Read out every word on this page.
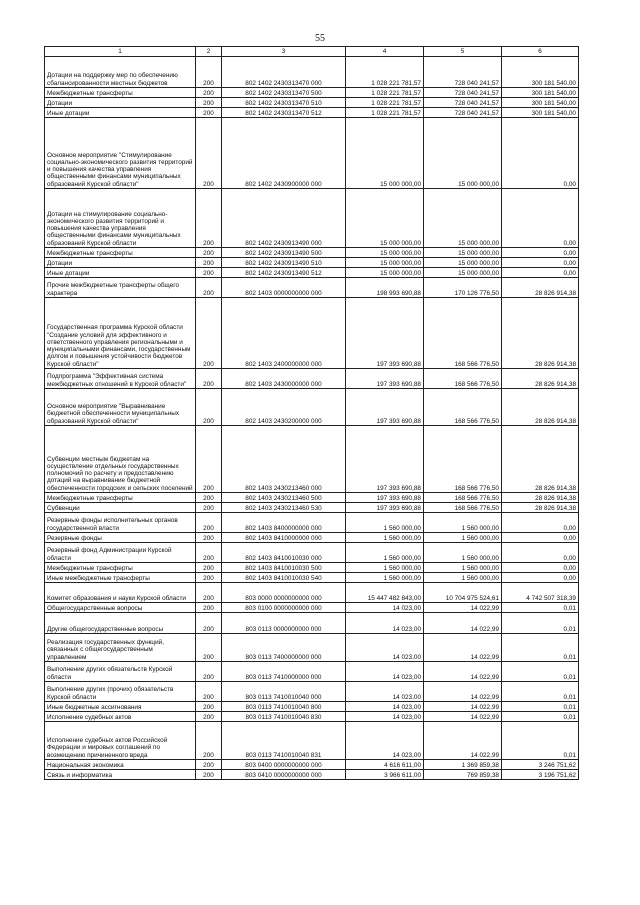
55
1	2	3	4	5	6
Дотации на поддержку мер по обеспечению сбалансированности местных бюджетов	200	802 1402 2430313470 000	1 028 221 781,57	728 040 241,57	300 181 540,00
Межбюджетные трансферты	200	802 1402 2430313470 500	1 028 221 781,57	728 040 241,57	300 181 540,00
Дотации	200	802 1402 2430313470 510	1 028 221 781,57	728 040 241,57	300 181 540,00
Иные дотации	200	802 1402 2430313470 512	1 028 221 781,57	728 040 241,57	300 181 540,00
Основное мероприятие "Стимулирование социально-экономического развития территорий и повышения качества управления общественными финансами муниципальных образований Курской области"	200	802 1402 2430900000 000	15 000 000,00	15 000 000,00	0,00
Дотации на стимулирование социально-экономического развития территорий и повышения качества управления общественными финансами муниципальных образований Курской области	200	802 1402 2430913490 000	15 000 000,00	15 000 000,00	0,00
Межбюджетные трансферты	200	802 1402 2430913490 500	15 000 000,00	15 000 000,00	0,00
Дотации	200	802 1402 2430913490 510	15 000 000,00	15 000 000,00	0,00
Иные дотации	200	802 1402 2430913490 512	15 000 000,00	15 000 000,00	0,00
Прочие межбюджетные трансферты общего характера	200	802 1403 0000000000 000	198 993 690,88	170 126 776,50	28 826 914,38
Государственная программа Курской области "Создание условий для эффективного и ответственного управления региональными и муниципальными финансами, государственным долгом и повышения устойчивости бюджетов Курской области"	200	802 1403 2400000000 000	197 393 690,88	168 566 776,50	28 826 914,38
Подпрограмма "Эффективная система межбюджетных отношений в Курской области"	200	802 1403 2430000000 000	197 393 690,88	168 566 776,50	28 826 914,38
Основное мероприятие "Выравнивание бюджетной обеспеченности муниципальных образований Курской области"	200	802 1403 2430200000 000	197 393 690,88	168 566 776,50	28 826 914,38
Субвенции местным бюджетам на осуществление отдельных государственных полномочий по расчету и предоставлению дотаций на выравнивание бюджетной обеспеченности городских и сельских поселений	200	802 1403 2430213460 000	197 393 690,88	168 566 776,50	28 826 914,38
Межбюджетные трансферты	200	802 1403 2430213460 500	197 393 690,88	168 566 776,50	28 826 914,38
Субвенции	200	802 1403 2430213460 530	197 393 690,88	168 566 776,50	28 826 914,38
Резервные фонды исполнительных органов государственной власти	200	802 1403 8400000000 000	1 560 000,00	1 560 000,00	0,00
Резервные фонды	200	802 1403 8410000000 000	1 560 000,00	1 560 000,00	0,00
Резервный фонд Администрации Курской области	200	802 1403 8410010030 000	1 560 000,00	1 560 000,00	0,00
Межбюджетные трансферты	200	802 1403 8410010030 500	1 560 000,00	1 560 000,00	0,00
Иные межбюджетные трансферты	200	802 1403 8410010030 540	1 560 000,00	1 560 000,00	0,00
Комитет образования и науки Курской области	200	803 0000 0000000000 000	15 447 482 843,00	10 704 975 524,61	4 742 507 318,39
Общегосударственные вопросы	200	803 0100 0000000000 000	14 023,00	14 022,99	0,01
Другие общегосударственные вопросы	200	803 0113 0000000000 000	14 023,00	14 022,99	0,01
Реализация государственных функций, связанных с общегосударственным управлением	200	803 0113 7400000000 000	14 023,00	14 022,99	0,01
Выполнение других обязательств Курской области	200	803 0113 7410000000 000	14 023,00	14 022,99	0,01
Выполнение других (прочих) обязательств Курской области	200	803 0113 7410010040 000	14 023,00	14 022,99	0,01
Иные бюджетные ассигнования	200	803 0113 7410010040 800	14 023,00	14 022,99	0,01
Исполнение судебных актов	200	803 0113 7410010040 830	14 023,00	14 022,99	0,01
Исполнение судебных актов Российской Федерации и мировых соглашений по возмещению причиненного вреда	200	803 0113 7410010040 831	14 023,00	14 022,99	0,01
Национальная экономика	200	803 0400 0000000000 000	4 616 611,00	1 369 859,38	3 246 751,62
Связь и информатика	200	803 0410 0000000000 000	3 966 611,00	769 859,38	3 196 751,62
